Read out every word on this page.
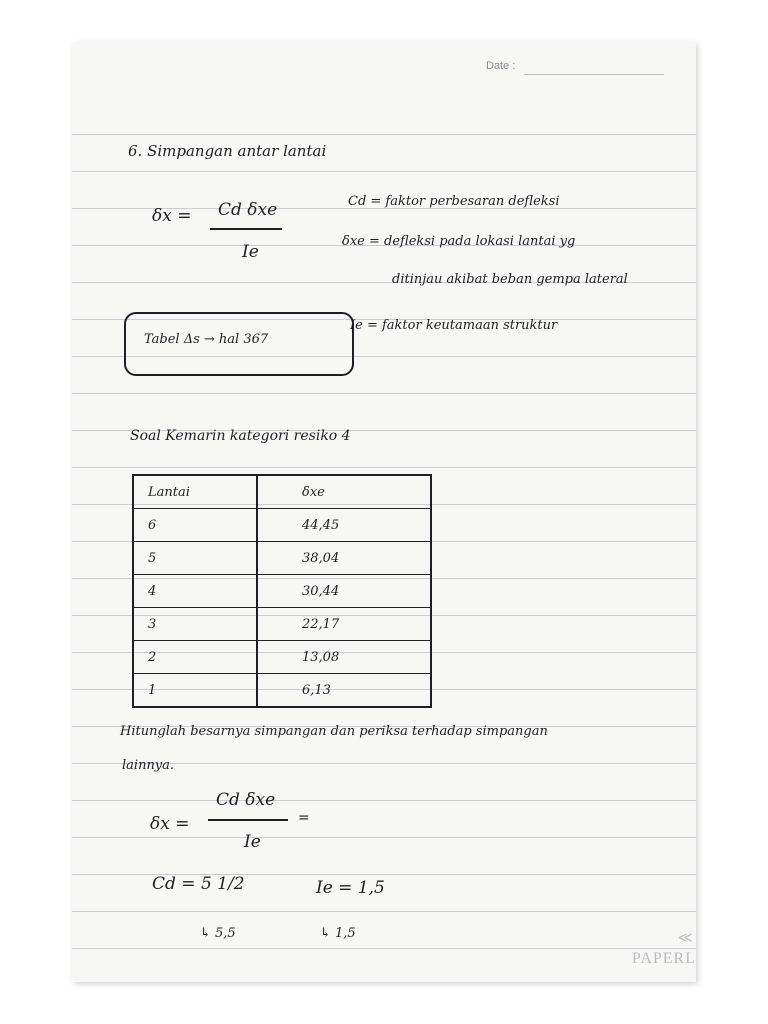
Date :
6. Simpangan antar lantai
δx = Cd δxe
Ie
Cd = faktor perbesaran defleksi
δxe = defleksi pada lokasi lantai yg
ditinjau akibat beban gempa lateral
Tabel Δs → hal 367
Ie = faktor keutamaan struktur
Soal Kemarin kategori resiko 4
Lantai	δxe
6	44,45
5	38,04
4	30,44
3	22,17
2	13,08
1	6,13
Hitunglah besarnya simpangan dan periksa terhadap simpangan
lainnya.
δx =
Cd δxe
Ie
=
Cd = 5 1/2	Ie = 1,5
↳ 5,5	↳ 1,5	≪
PAPERL
